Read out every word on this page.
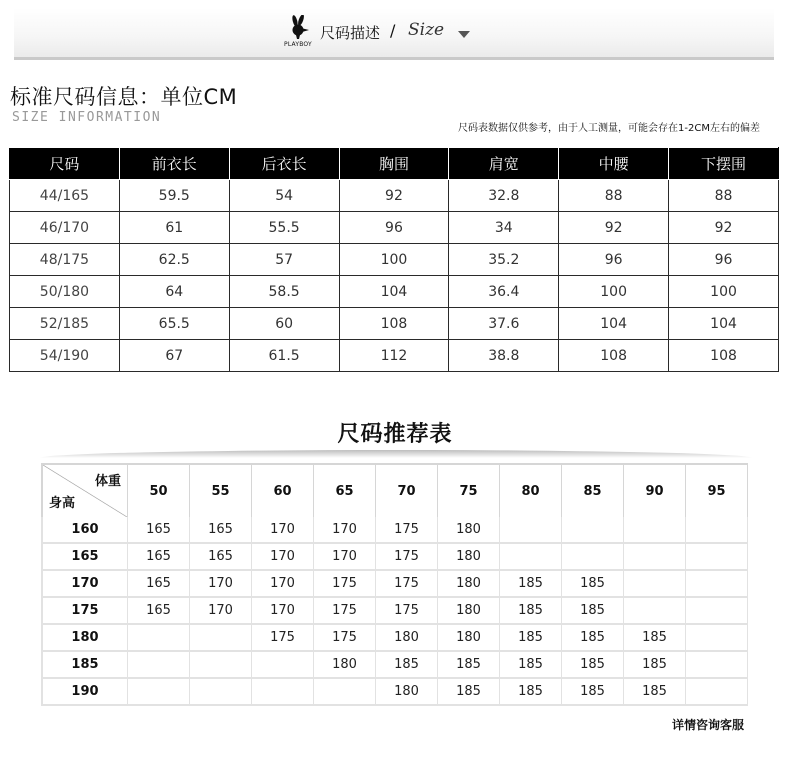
PLAYBOY
尺码描述 / Size
标准尺码信息：单位CM
SIZE INFORMATION
尺码表数据仅供参考，由于人工测量，可能会存在1-2CM左右的偏差
尺码	前衣长	后衣长	胸围	肩宽	中腰	下摆围
44/165	59.5	54	92	32.8	88	88
46/170	61	55.5	96	34	92	92
48/175	62.5	57	100	35.2	96	96
50/180	64	58.5	104	36.4	100	100
52/185	65.5	60	108	37.6	104	104
54/190	67	61.5	112	38.8	108	108
尺码推荐表
体重
身高	50	55	60	65	70	75	80	85	90	95
160	165	165	170	170	175	180				
165	165	165	170	170	175	180				
170	165	170	170	175	175	180	185	185		
175	165	170	170	175	175	180	185	185		
180			175	175	180	180	185	185	185	
185				180	185	185	185	185	185	
190					180	185	185	185	185	
详情咨询客服
